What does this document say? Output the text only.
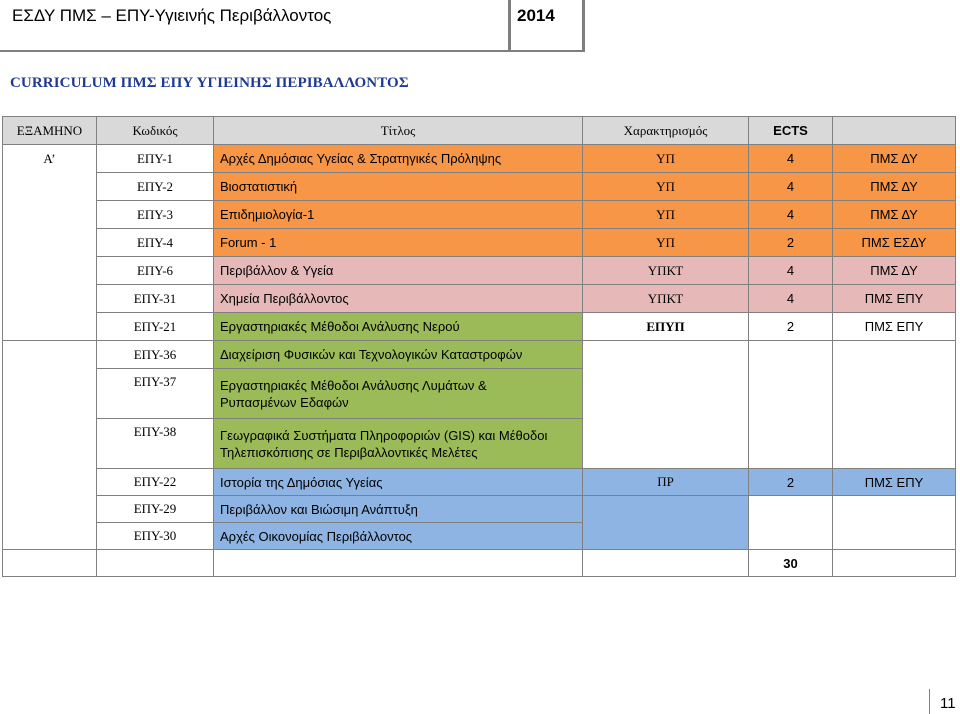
ΕΣΔΥ ΠΜΣ – ΕΠΥ-Υγιεινής Περιβάλλοντος	2014
CURRICULUM ΠΜΣ ΕΠΥ ΥΓΙΕΙΝΗΣ ΠΕΡΙΒΑΛΛΟΝΤΟΣ
ΕΞΑΜΗΝΟ	Κωδικός	Τίτλος	Χαρακτηρισμός	ECTS	
Α’	ΕΠΥ-1	Αρχές Δημόσιας Υγείας & Στρατηγικές Πρόληψης	ΥΠ	4	ΠΜΣ ΔΥ
	ΕΠΥ-2	Βιοστατιστική	ΥΠ	4	ΠΜΣ ΔΥ
	ΕΠΥ-3	Επιδημιολογία-1	ΥΠ	4	ΠΜΣ ΔΥ
	ΕΠΥ-4	Forum - 1	ΥΠ	2	ΠΜΣ ΕΣΔΥ
	ΕΠΥ-6	Περιβάλλον & Υγεία	ΥΠΚΤ	4	ΠΜΣ ΔΥ
	ΕΠΥ-31	Χημεία Περιβάλλοντος	ΥΠΚΤ	4	ΠΜΣ ΕΠΥ
	ΕΠΥ-21	Εργαστηριακές Μέθοδοι Ανάλυσης Νερού	ΕΠΥΠ	2	ΠΜΣ ΕΠΥ
	ΕΠΥ-36	Διαχείριση Φυσικών και Τεχνολογικών Καταστροφών			
	ΕΠΥ-37	Εργαστηριακές Μέθοδοι Ανάλυσης Λυμάτων &
Ρυπασμένων Εδαφών			
	ΕΠΥ-38	Γεωγραφικά Συστήματα Πληροφοριών (GIS) και Μέθοδοι
Τηλεπισκόπισης σε Περιβαλλοντικές Μελέτες			
	ΕΠΥ-22	Ιστορία της Δημόσιας Υγείας	ΠΡ	2	ΠΜΣ ΕΠΥ
	ΕΠΥ-29	Περιβάλλον και Βιώσιμη Ανάπτυξη			
	ΕΠΥ-30	Αρχές Οικονομίας Περιβάλλοντος			
				30	
11
